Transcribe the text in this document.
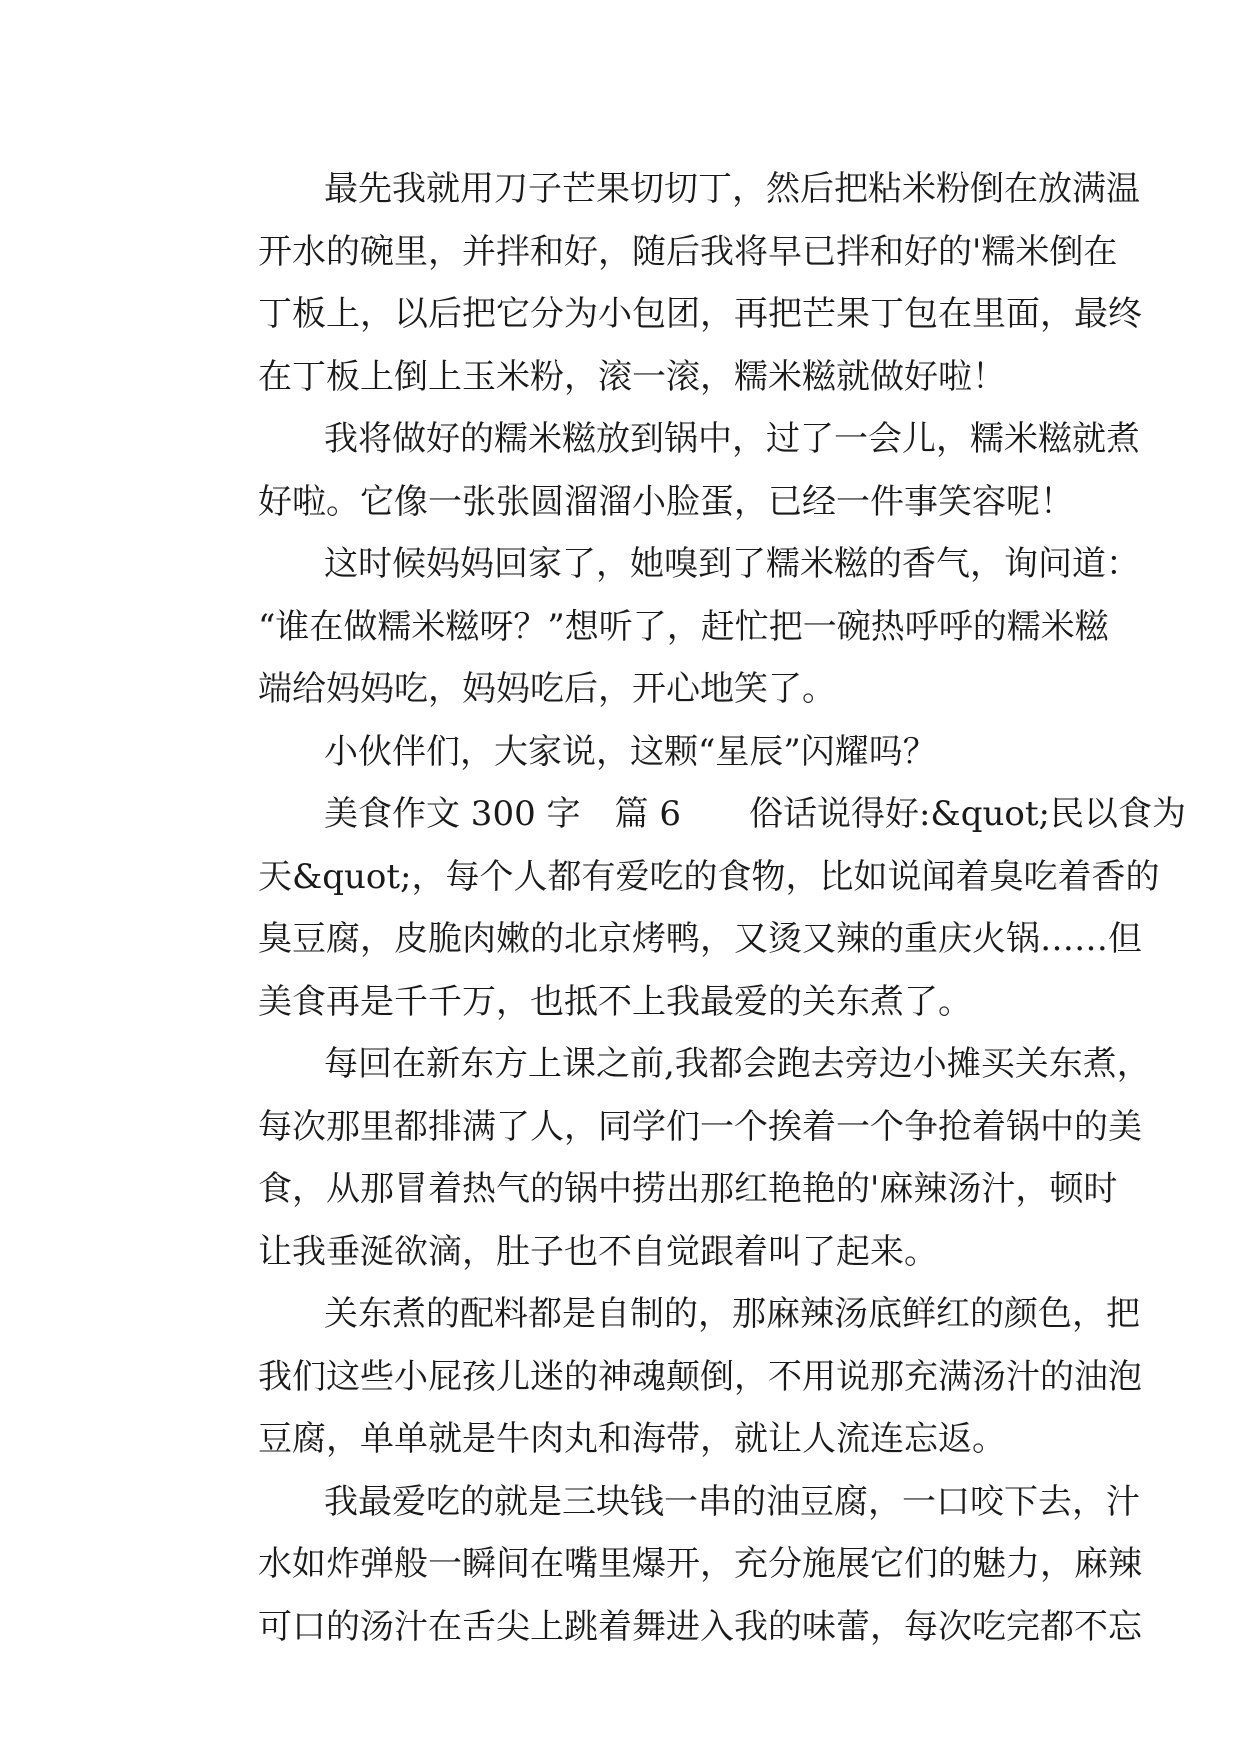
最先我就用刀子芒果切切丁，然后把粘米粉倒在放满温
开水的碗里，并拌和好，随后我将早已拌和好的'糯米倒在
丁板上，以后把它分为小包团，再把芒果丁包在里面，最终
在丁板上倒上玉米粉，滚一滚，糯米糍就做好啦！
我将做好的糯米糍放到锅中，过了一会儿，糯米糍就煮
好啦。它像一张张圆溜溜小脸蛋，已经一件事笑容呢！
这时候妈妈回家了，她嗅到了糯米糍的香气，询问道：
“谁在做糯米糍呀？”想听了，赶忙把一碗热呼呼的糯米糍
端给妈妈吃，妈妈吃后，开心地笑了。
小伙伴们，大家说，这颗“星辰”闪耀吗？
美食作文 300 字 篇 6 俗话说得好:&quot;民以食为
天&quot;，每个人都有爱吃的食物，比如说闻着臭吃着香的
臭豆腐，皮脆肉嫩的北京烤鸭，又烫又辣的重庆火锅……但
美食再是千千万，也抵不上我最爱的关东煮了。
每回在新东方上课之前,我都会跑去旁边小摊买关东煮，
每次那里都排满了人，同学们一个挨着一个争抢着锅中的美
食，从那冒着热气的锅中捞出那红艳艳的'麻辣汤汁，顿时
让我垂涎欲滴，肚子也不自觉跟着叫了起来。
关东煮的配料都是自制的，那麻辣汤底鲜红的颜色，把
我们这些小屁孩儿迷的神魂颠倒，不用说那充满汤汁的油泡
豆腐，单单就是牛肉丸和海带，就让人流连忘返。
我最爱吃的就是三块钱一串的油豆腐，一口咬下去，汁
水如炸弹般一瞬间在嘴里爆开，充分施展它们的魅力，麻辣
可口的汤汁在舌尖上跳着舞进入我的味蕾，每次吃完都不忘
